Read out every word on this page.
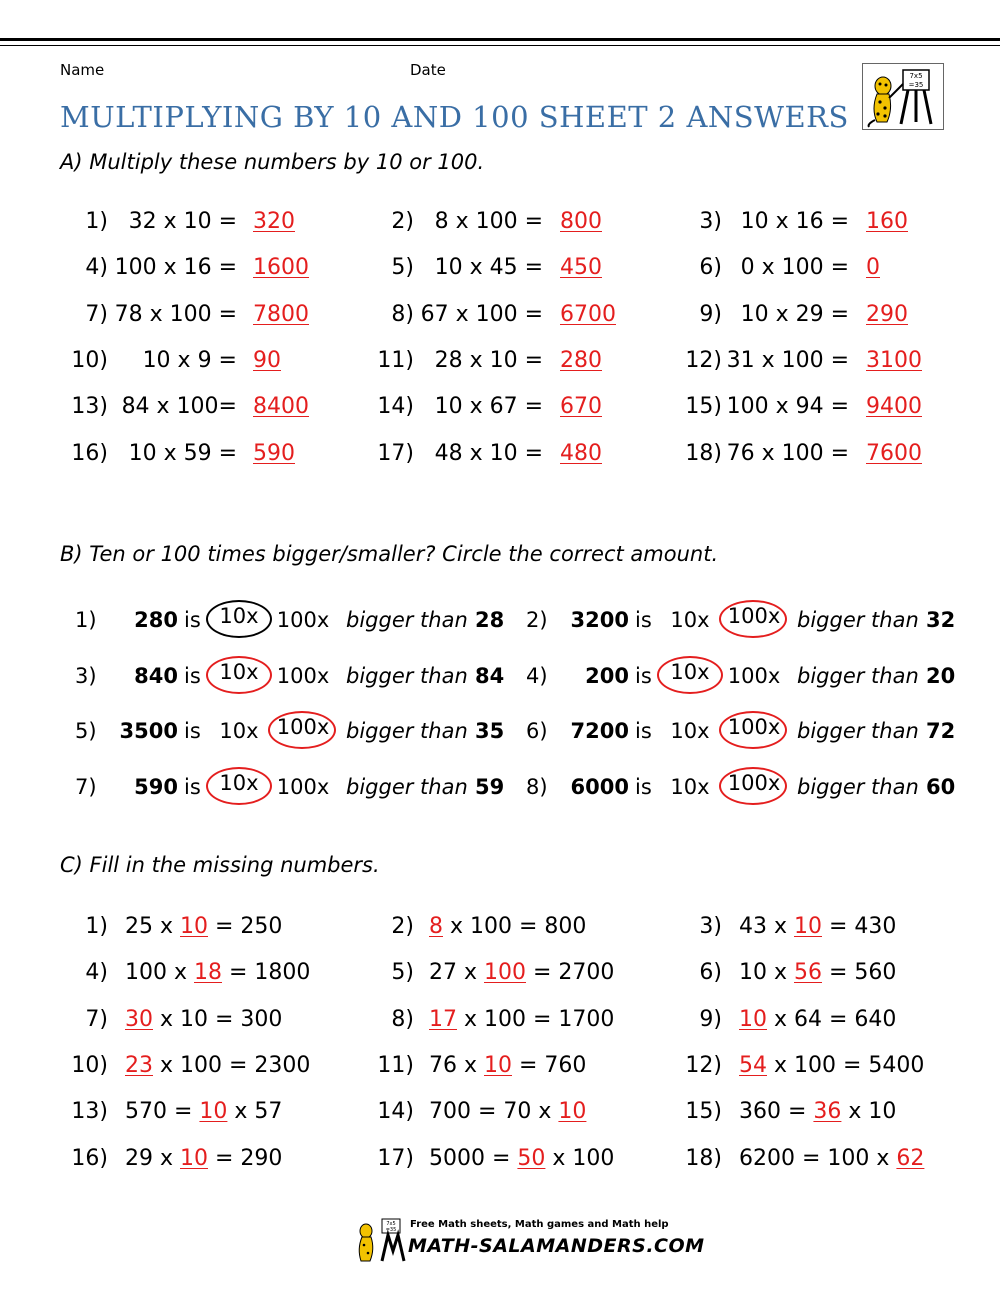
Name	Date
MULTIPLYING BY 10 AND 100 SHEET 2 ANSWERS
7x5
=35
A) Multiply these numbers by 10 or 100.
1) 32 x 10 = 320	2) 8 x 100 = 800	3) 10 x 16 = 160
4) 100 x 16 = 1600	5) 10 x 45 = 450	6) 0 x 100 = 0
7) 78 x 100 = 7800	8) 67 x 100 = 6700	9) 10 x 29 = 290
10)	10 x 9 = 90	11) 28 x 10 = 280	12) 31 x 100 = 3100
13) 84 x 100= 8400	14) 10 x 67 = 670	15) 100 x 94 = 9400
16) 10 x 59 = 590	17) 48 x 10 = 480	18) 76 x 100 = 7600
B) Ten or 100 times bigger/smaller? Circle the correct amount.
1)	280 is 10x 100x bigger than 28 2)	3200 is 10x 100x bigger than 32
3)	840 is 10x 100x bigger than 84 4)	200 is 10x 100x bigger than 20
5)	3500 is 10x 100x bigger than 35 6)	7200 is 10x 100x bigger than 72
7)	590 is 10x 100x bigger than 59 8)	6000 is 10x 100x bigger than 60
C) Fill in the missing numbers.
1) 25 x 10 = 250	2) 8 x 100 = 800	3) 43 x 10 = 430
4) 100 x 18 = 1800	5) 27 x 100 = 2700	6) 10 x 56 = 560
7) 30 x 10 = 300	8) 17 x 100 = 1700	9) 10 x 64 = 640
10) 23 x 100 = 2300	11) 76 x 10 = 760	12) 54 x 100 = 5400
13) 570 = 10 x 57	14) 700 = 70 x 10	15) 360 = 36 x 10
16) 29 x 10 = 290	17) 5000 = 50 x 100	18) 6200 = 100 x 62
7x5
=35 Free Math sheets, Math games and Math help
MATH-SALAMANDERS.COM
